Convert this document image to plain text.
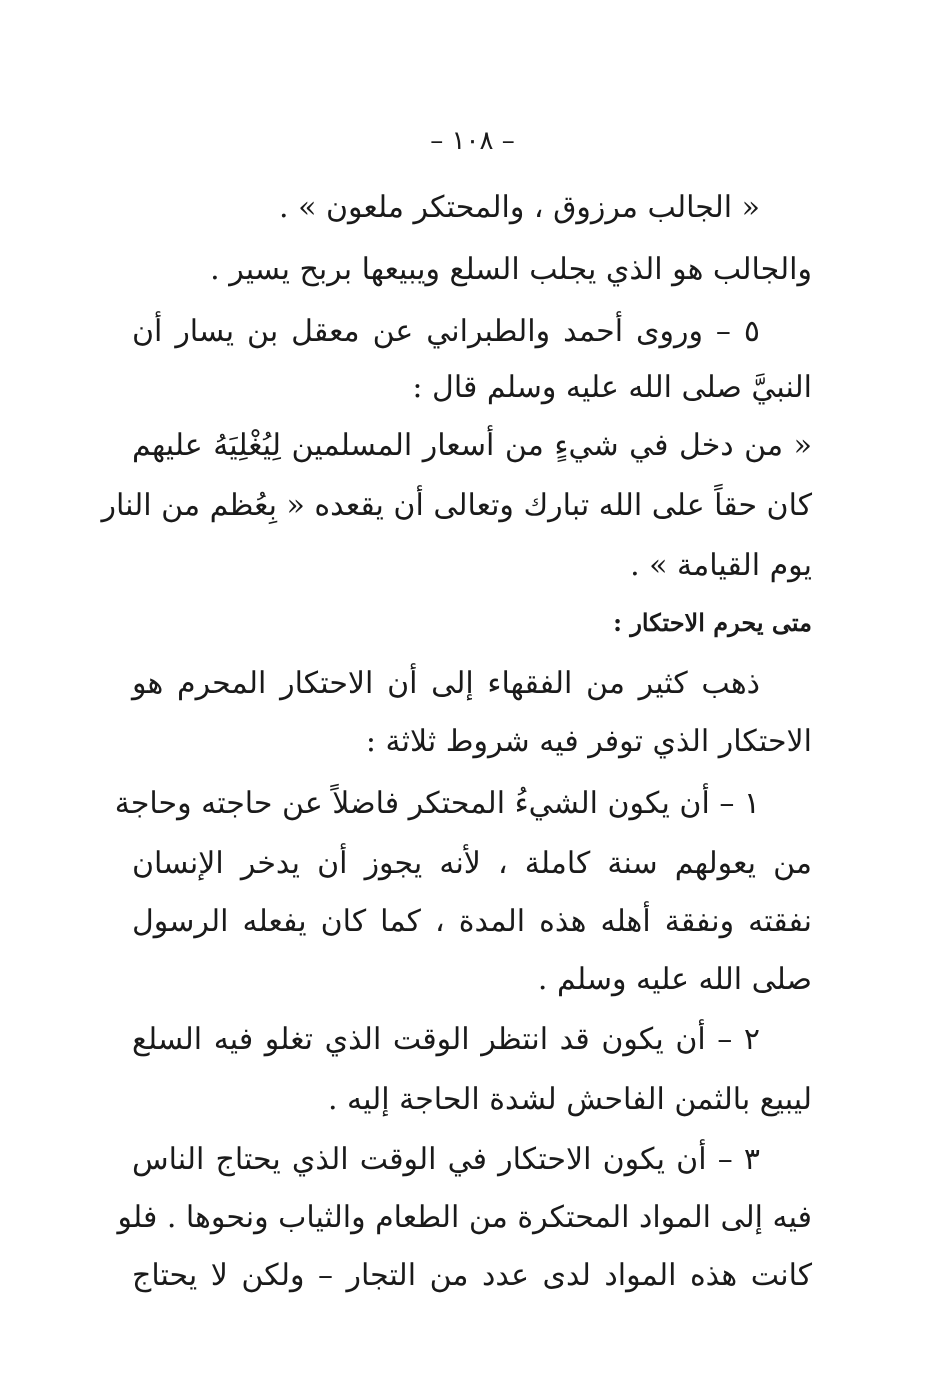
– ١٠٨ –
« الجالب مرزوق ، والمحتكر ملعون » .
والجالب هو الذي يجلب السلع ويبيعها بربح يسير .
٥ – وروى أحمد والطبراني عن معقل بن يسار أن
النبيَّ صلى الله عليه وسلم قال :
« من دخل في شيءٍ من أسعار المسلمين لِيُغْلِيَهُ عليهم
كان حقاً على الله تبارك وتعالى أن يقعده « بِعُظم من النار
يوم القيامة » .
متى يحرم الاحتكار :
ذهب كثير من الفقهاء إلى أن الاحتكار المحرم هو
الاحتكار الذي توفر فيه شروط ثلاثة :
١ – أن يكون الشيءُ المحتكر فاضلاً عن حاجته وحاجة
من يعولهم سنة كاملة ، لأنه يجوز أن يدخر الإنسان
نفقته ونفقة أهله هذه المدة ، كما كان يفعله الرسول
صلى الله عليه وسلم .
٢ – أن يكون قد انتظر الوقت الذي تغلو فيه السلع
ليبيع بالثمن الفاحش لشدة الحاجة إليه .
٣ – أن يكون الاحتكار في الوقت الذي يحتاج الناس
فيه إلى المواد المحتكرة من الطعام والثياب ونحوها . فلو
كانت هذه المواد لدى عدد من التجار – ولكن لا يحتاج
